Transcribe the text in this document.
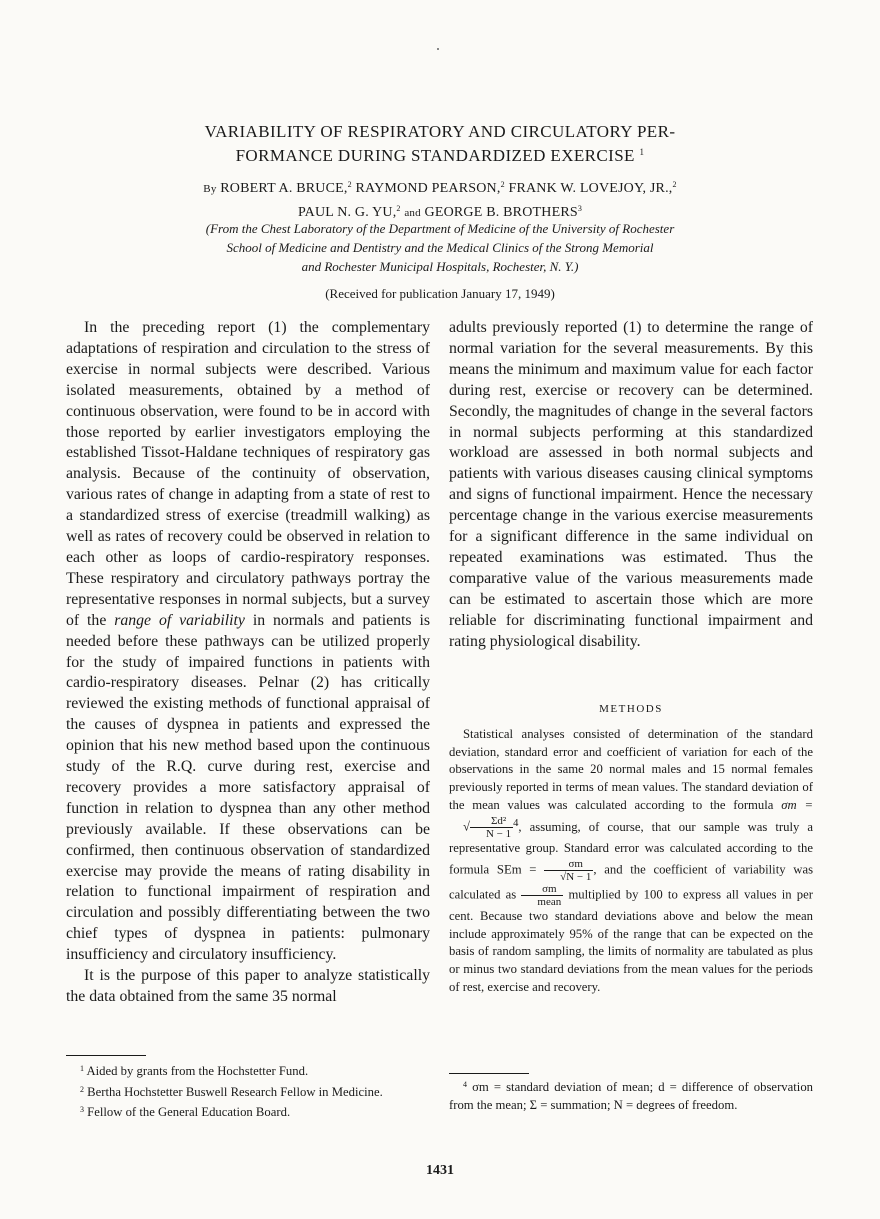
VARIABILITY OF RESPIRATORY AND CIRCULATORY PER-
FORMANCE DURING STANDARDIZED EXERCISE $^1$
By ROBERT A. BRUCE,$^2$ RAYMOND PEARSON,$^2$ FRANK W. LOVEJOY, JR.,$^2$
PAUL N. G. YU,$^2$ and GEORGE B. BROTHERS$^3$
(From the Chest Laboratory of the Department of Medicine of the University of Rochester
School of Medicine and Dentistry and the Medical Clinics of the Strong Memorial
and Rochester Municipal Hospitals, Rochester, N. Y.)
(Received for publication January 17, 1949)

In the preceding report (1) the complementary adaptations of respiration and circulation to the stress of exercise in normal subjects were described. Various isolated measurements, obtained by a method of continuous observation, were found to be in accord with those reported by earlier investigators employing the established Tissot-Haldane techniques of respiratory gas analysis. Because of the continuity of observation, various rates of change in adapting from a state of rest to a standardized stress of exercise (treadmill walking) as well as rates of recovery could be observed in relation to each other as loops of cardio-respiratory responses. These respiratory and circulatory pathways portray the representative responses in normal subjects, but a survey of the range of variability in normals and patients is needed before these pathways can be utilized properly for the study of impaired functions in patients with cardio-respiratory diseases. Pelnar (2) has critically reviewed the existing methods of functional appraisal of the causes of dyspnea in patients and expressed the opinion that his new method based upon the continuous study of the R.Q. curve during rest, exercise and recovery provides a more satisfactory appraisal of function in relation to dyspnea than any other method previously available. If these observations can be confirmed, then continuous observation of standardized exercise may provide the means of rating disability in relation to functional impairment of respiration and circulation and possibly differentiating between the two chief types of dyspnea in patients: pulmonary insufficiency and circulatory insufficiency.

It is the purpose of this paper to analyze statistically the data obtained from the same 35 normal

$^1$ Aided by grants from the Hochstetter Fund.

$^2$ Bertha Hochstetter Buswell Research Fellow in Medicine.

$^3$ Fellow of the General Education Board.

adults previously reported (1) to determine the range of normal variation for the several measurements. By this means the minimum and maximum value for each factor during rest, exercise or recovery can be determined. Secondly, the magnitudes of change in the several factors in normal subjects performing at this standardized workload are assessed in both normal subjects and patients with various diseases causing clinical symptoms and signs of functional impairment. Hence the necessary percentage change in the various exercise measurements for a significant difference in the same individual on repeated examinations was estimated. Thus the comparative value of the various measurements made can be estimated to ascertain those which are more reliable for discriminating functional impairment and rating physiological disability.

METHODS

Statistical analyses consisted of determination of the standard deviation, standard error and coefficient of variation for each of the observations in the same 20 normal males and 15 normal females previously reported in terms of mean values. The standard deviation of the mean values was calculated according to the formula σm = √ $\frac{\text{Σd²}}{N - 1} ^4$, assuming, of course, that our sample was truly a representative group. Standard error was calculated according to the formula SEm = $\frac{\sigma m}{√N - 1}$ , and the coefficient of variability was calculated as $\frac{\sigma m}{\text{mean}}$ multiplied by 100 to express all values in per cent. Because two standard deviations above and below the mean include approximately 95% of the range that can be expected on the basis of random sampling, the limits of normality are tabulated as plus or minus two standard deviations from the mean values for the periods of rest, exercise and recovery.

$^4$ σm = standard deviation of mean; d = difference of observation from the mean; Σ = summation; N = degrees of freedom.

1431
